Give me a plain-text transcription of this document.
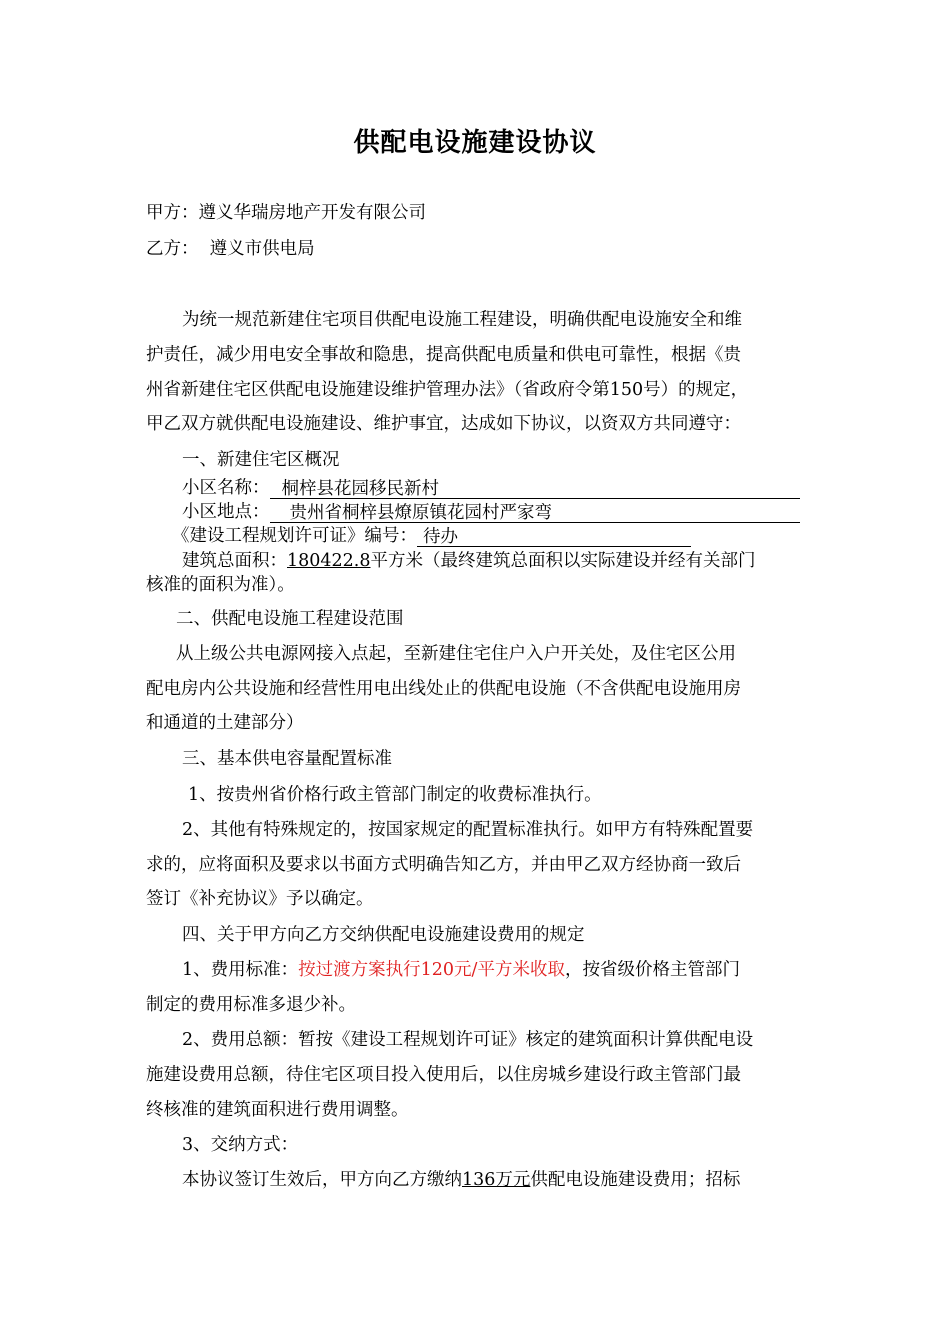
供配电设施建设协议
甲方：遵义华瑞房地产开发有限公司
乙方：  遵义市供电局
为统一规范新建住宅项目供配电设施工程建设，明确供配电设施安全和维
护责任，减少用电安全事故和隐患，提高供配电质量和供电可靠性，根据《贵
州省新建住宅区供配电设施建设维护管理办法》（省政府令第150号）的规定，
甲乙双方就供配电设施建设、维护事宜，达成如下协议，以资双方共同遵守：
一、新建住宅区概况
小区名称： 桐梓县花园移民新村
小区地点： 贵州省桐梓县燎原镇花园村严家弯
《建设工程规划许可证》编号： 待办
建筑总面积：180422.8平方米（最终建筑总面积以实际建设并经有关部门
核准的面积为准）。
二、供配电设施工程建设范围
从上级公共电源网接入点起，至新建住宅住户入户开关处，及住宅区公用
配电房内公共设施和经营性用电出线处止的供配电设施（不含供配电设施用房
和通道的土建部分）
三、基本供电容量配置标准
1、按贵州省价格行政主管部门制定的收费标准执行。
2、其他有特殊规定的，按国家规定的配置标准执行。如甲方有特殊配置要
求的，应将面积及要求以书面方式明确告知乙方，并由甲乙双方经协商一致后
签订《补充协议》予以确定。
四、关于甲方向乙方交纳供配电设施建设费用的规定
1、费用标准：按过渡方案执行120元/平方米收取，按省级价格主管部门
制定的费用标准多退少补。
2、费用总额：暂按《建设工程规划许可证》核定的建筑面积计算供配电设
施建设费用总额，待住宅区项目投入使用后，以住房城乡建设行政主管部门最
终核准的建筑面积进行费用调整。
3、交纳方式：
本协议签订生效后，甲方向乙方缴纳136万元供配电设施建设费用；招标
